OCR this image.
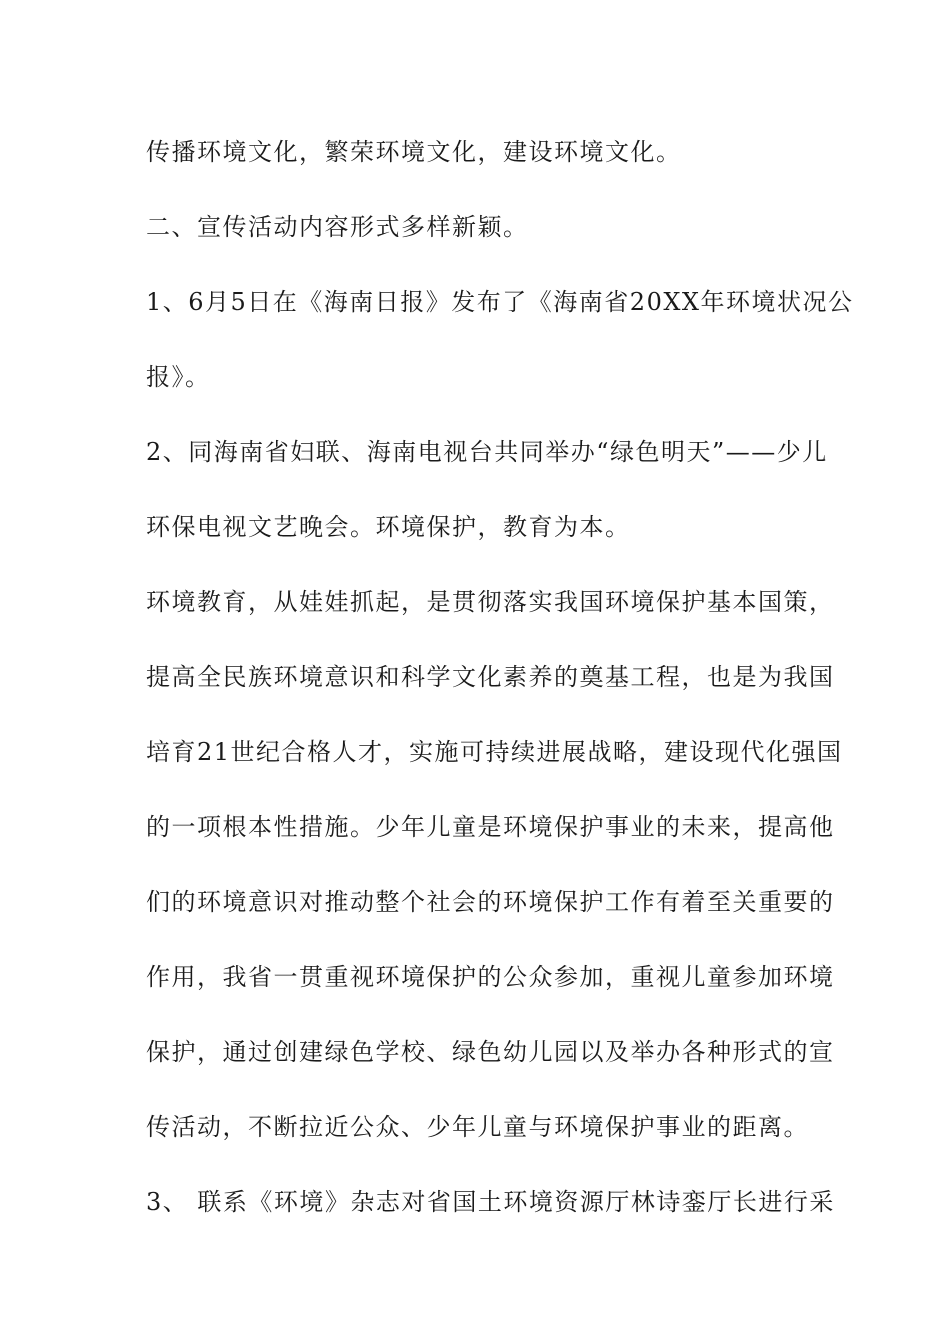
传播环境文化，繁荣环境文化，建设环境文化。
二、宣传活动内容形式多样新颖。
1、6月5日在《海南日报》发布了《海南省20XX年环境状况公
报》。
2、同海南省妇联、海南电视台共同举办“绿色明天”——少儿
环保电视文艺晚会。环境保护，教育为本。
环境教育，从娃娃抓起，是贯彻落实我国环境保护基本国策，
提高全民族环境意识和科学文化素养的奠基工程，也是为我国
培育21世纪合格人才，实施可持续进展战略，建设现代化强国
的一项根本性措施。少年儿童是环境保护事业的未来，提高他
们的环境意识对推动整个社会的环境保护工作有着至关重要的
作用，我省一贯重视环境保护的公众参加，重视儿童参加环境
保护，通过创建绿色学校、绿色幼儿园以及举办各种形式的宣
传活动，不断拉近公众、少年儿童与环境保护事业的距离。
3、 联系《环境》杂志对省国土环境资源厅林诗銮厅长进行采
